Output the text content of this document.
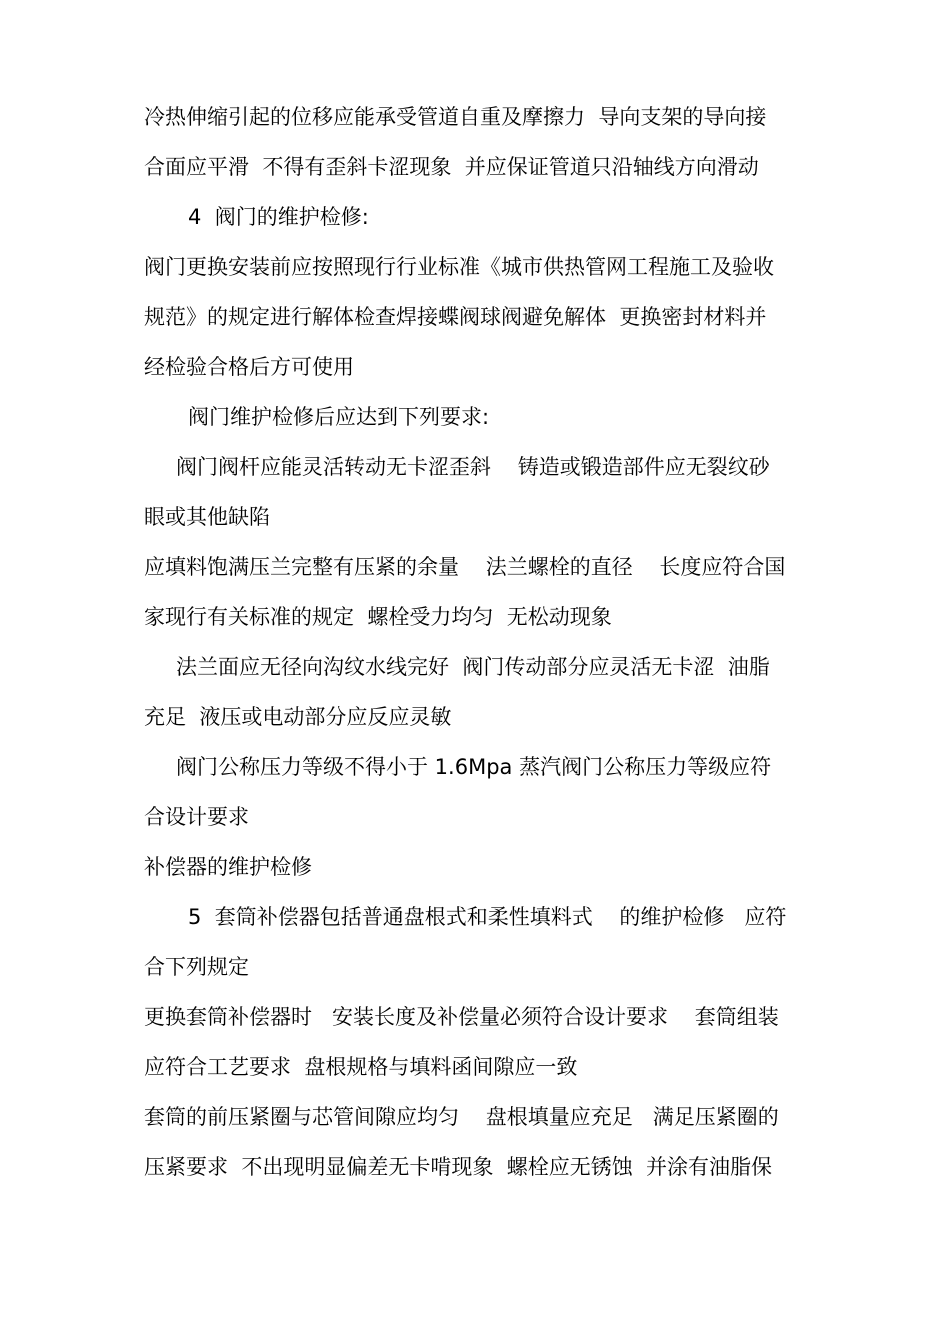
冷热伸缩引起的位移应能承受管道自重及摩擦力  导向支架的导向接
合面应平滑  不得有歪斜卡涩现象  并应保证管道只沿轴线方向滑动
4  阀门的维护检修:
阀门更换安装前应按照现行行业标准《城市供热管网工程施工及验收
规范》的规定进行解体检查焊接蝶阀球阀避免解体  更换密封材料并
经检验合格后方可使用
阀门维护检修后应达到下列要求:
阀门阀杆应能灵活转动无卡涩歪斜    铸造或锻造部件应无裂纹砂
眼或其他缺陷
应填料饱满压兰完整有压紧的余量    法兰螺栓的直径    长度应符合国
家现行有关标准的规定  螺栓受力均匀  无松动现象
法兰面应无径向沟纹水线完好  阀门传动部分应灵活无卡涩  油脂
充足  液压或电动部分应反应灵敏
阀门公称压力等级不得小于 1.6Mpa 蒸汽阀门公称压力等级应符
合设计要求
补偿器的维护检修
5  套筒补偿器包括普通盘根式和柔性填料式    的维护检修   应符
合下列规定
更换套筒补偿器时   安装长度及补偿量必须符合设计要求    套筒组装
应符合工艺要求  盘根规格与填料函间隙应一致
套筒的前压紧圈与芯管间隙应均匀    盘根填量应充足   满足压紧圈的
压紧要求  不出现明显偏差无卡啃现象  螺栓应无锈蚀  并涂有油脂保
